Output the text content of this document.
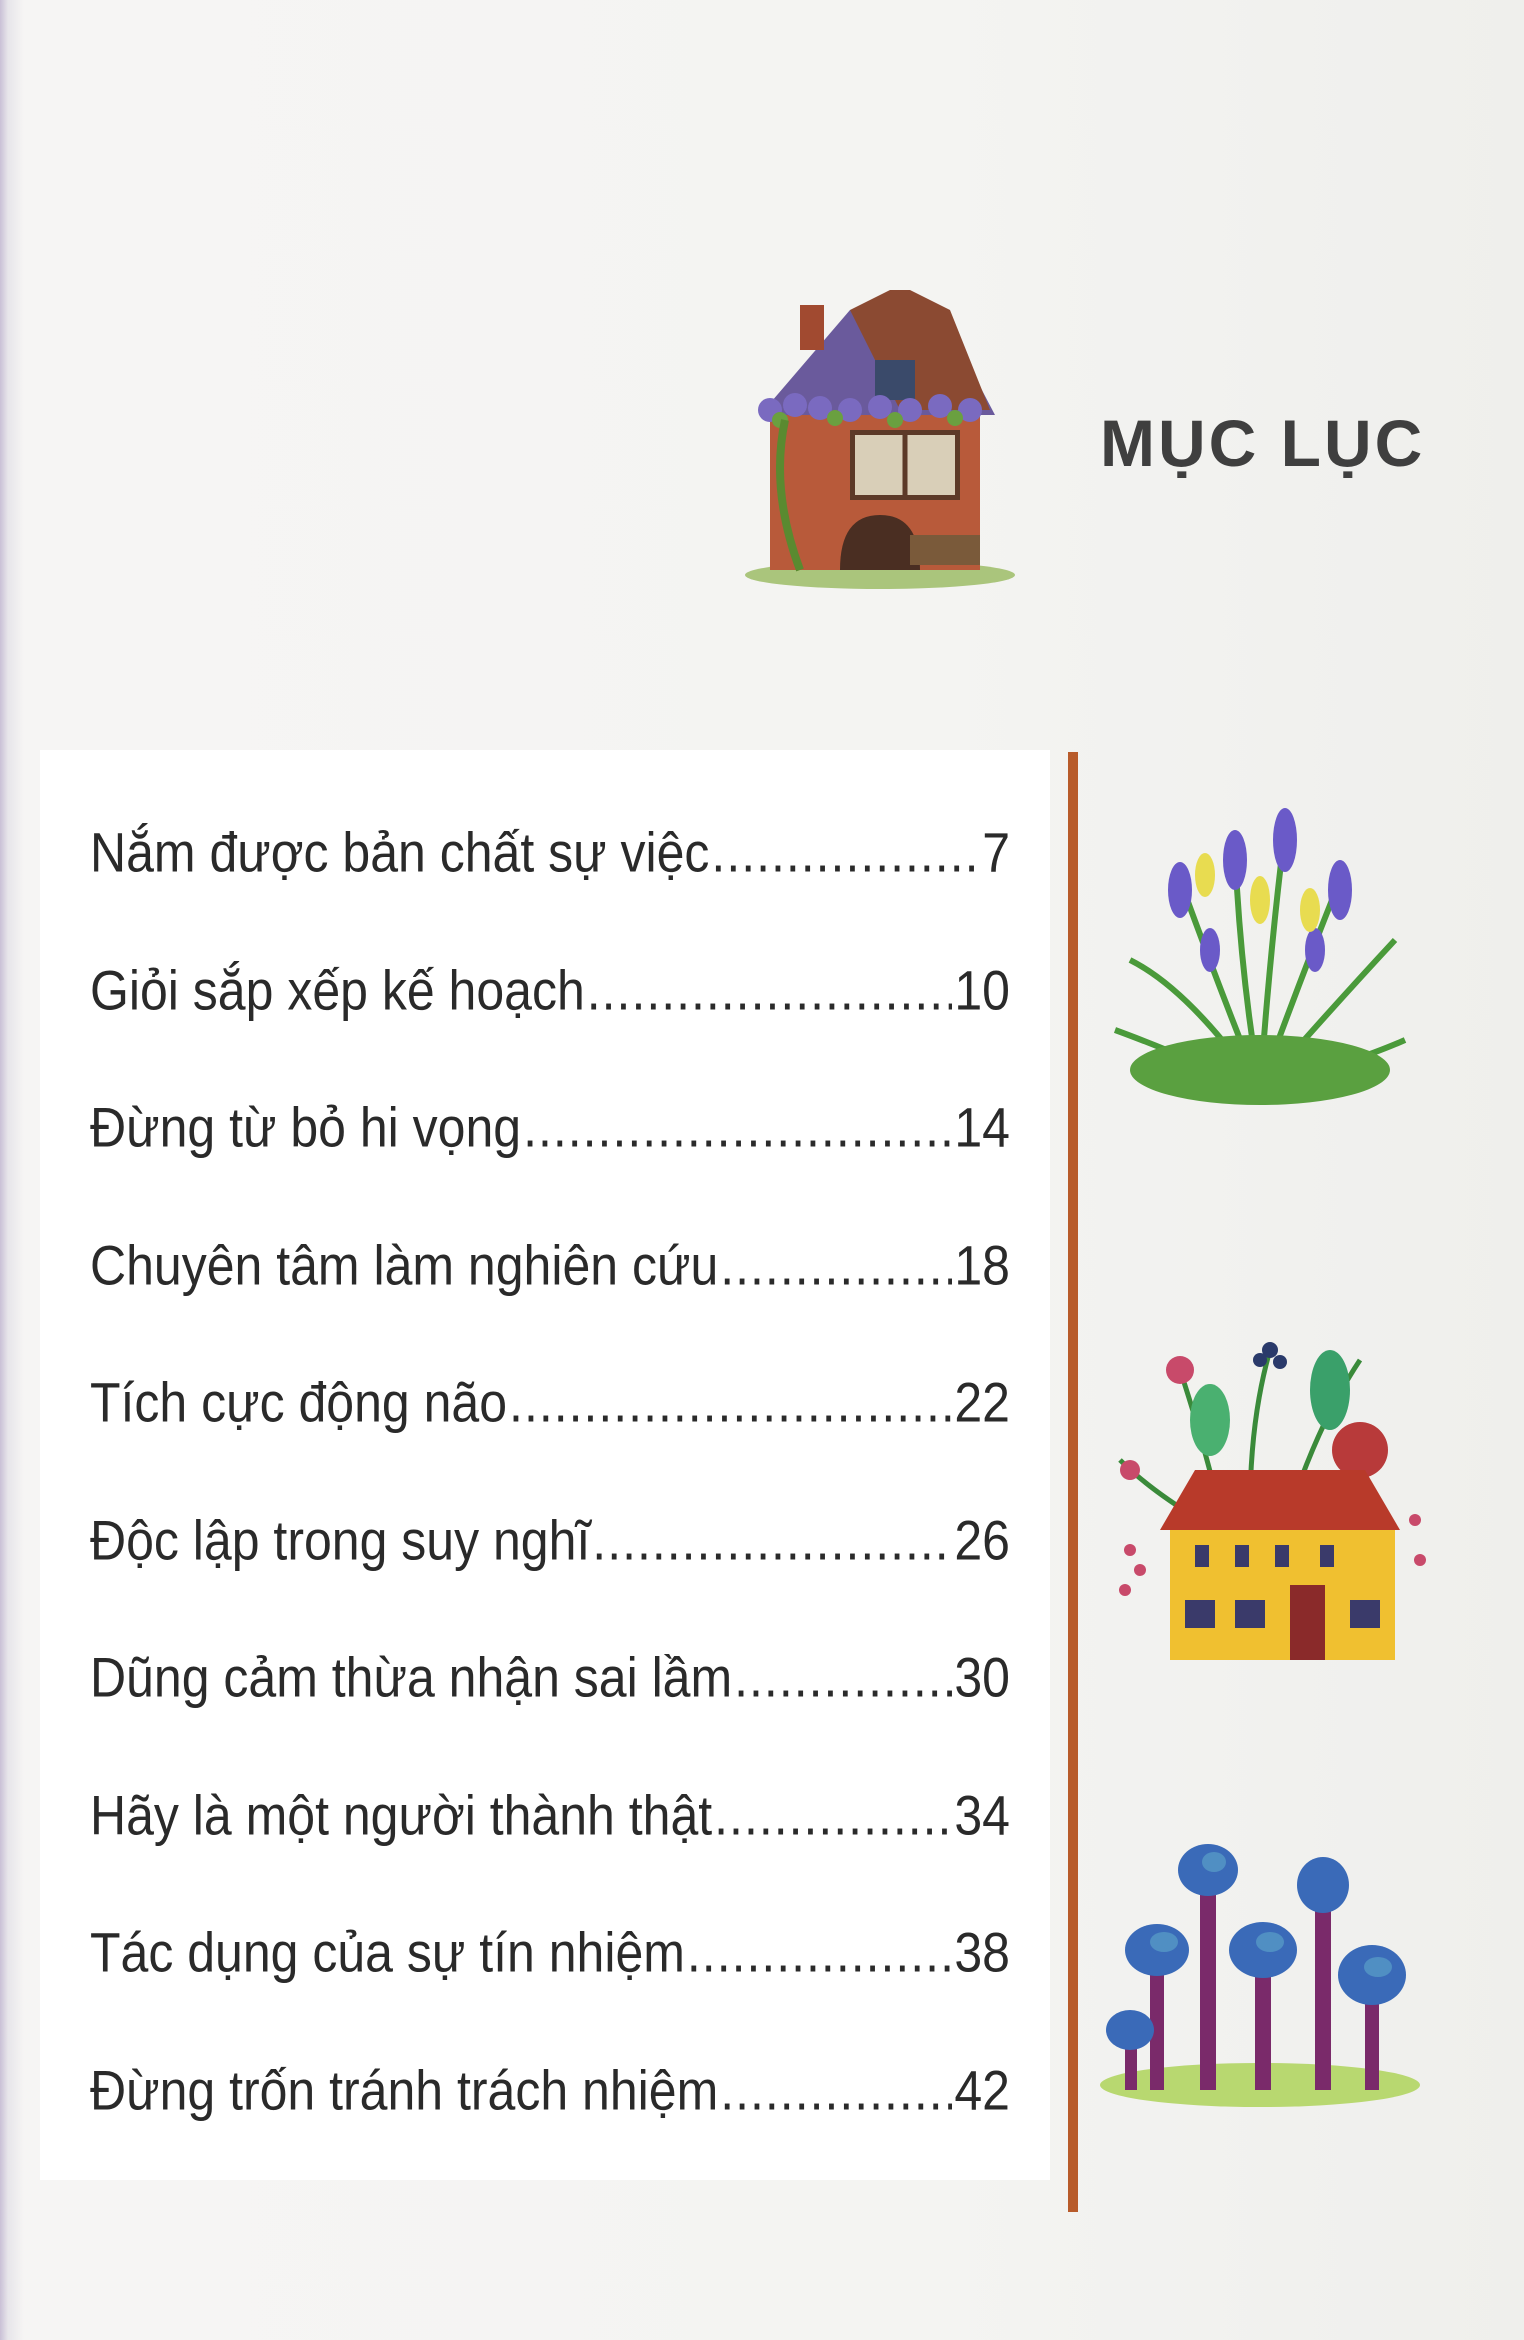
MỤC LỤC
Nắm được bản chất sự việc .....	7
Giỏi sắp xếp kế hoạch .....	10
Đừng từ bỏ hi vọng .....	14
Chuyên tâm làm nghiên cứu .....	18
Tích cực động não .....	22
Độc lập trong suy nghĩ .....	26
Dũng cảm thừa nhận sai lầm .....	30
Hãy là một người thành thật .....	34
Tác dụng của sự tín nhiệm .....	38
Đừng trốn tránh trách nhiệm .....	42
